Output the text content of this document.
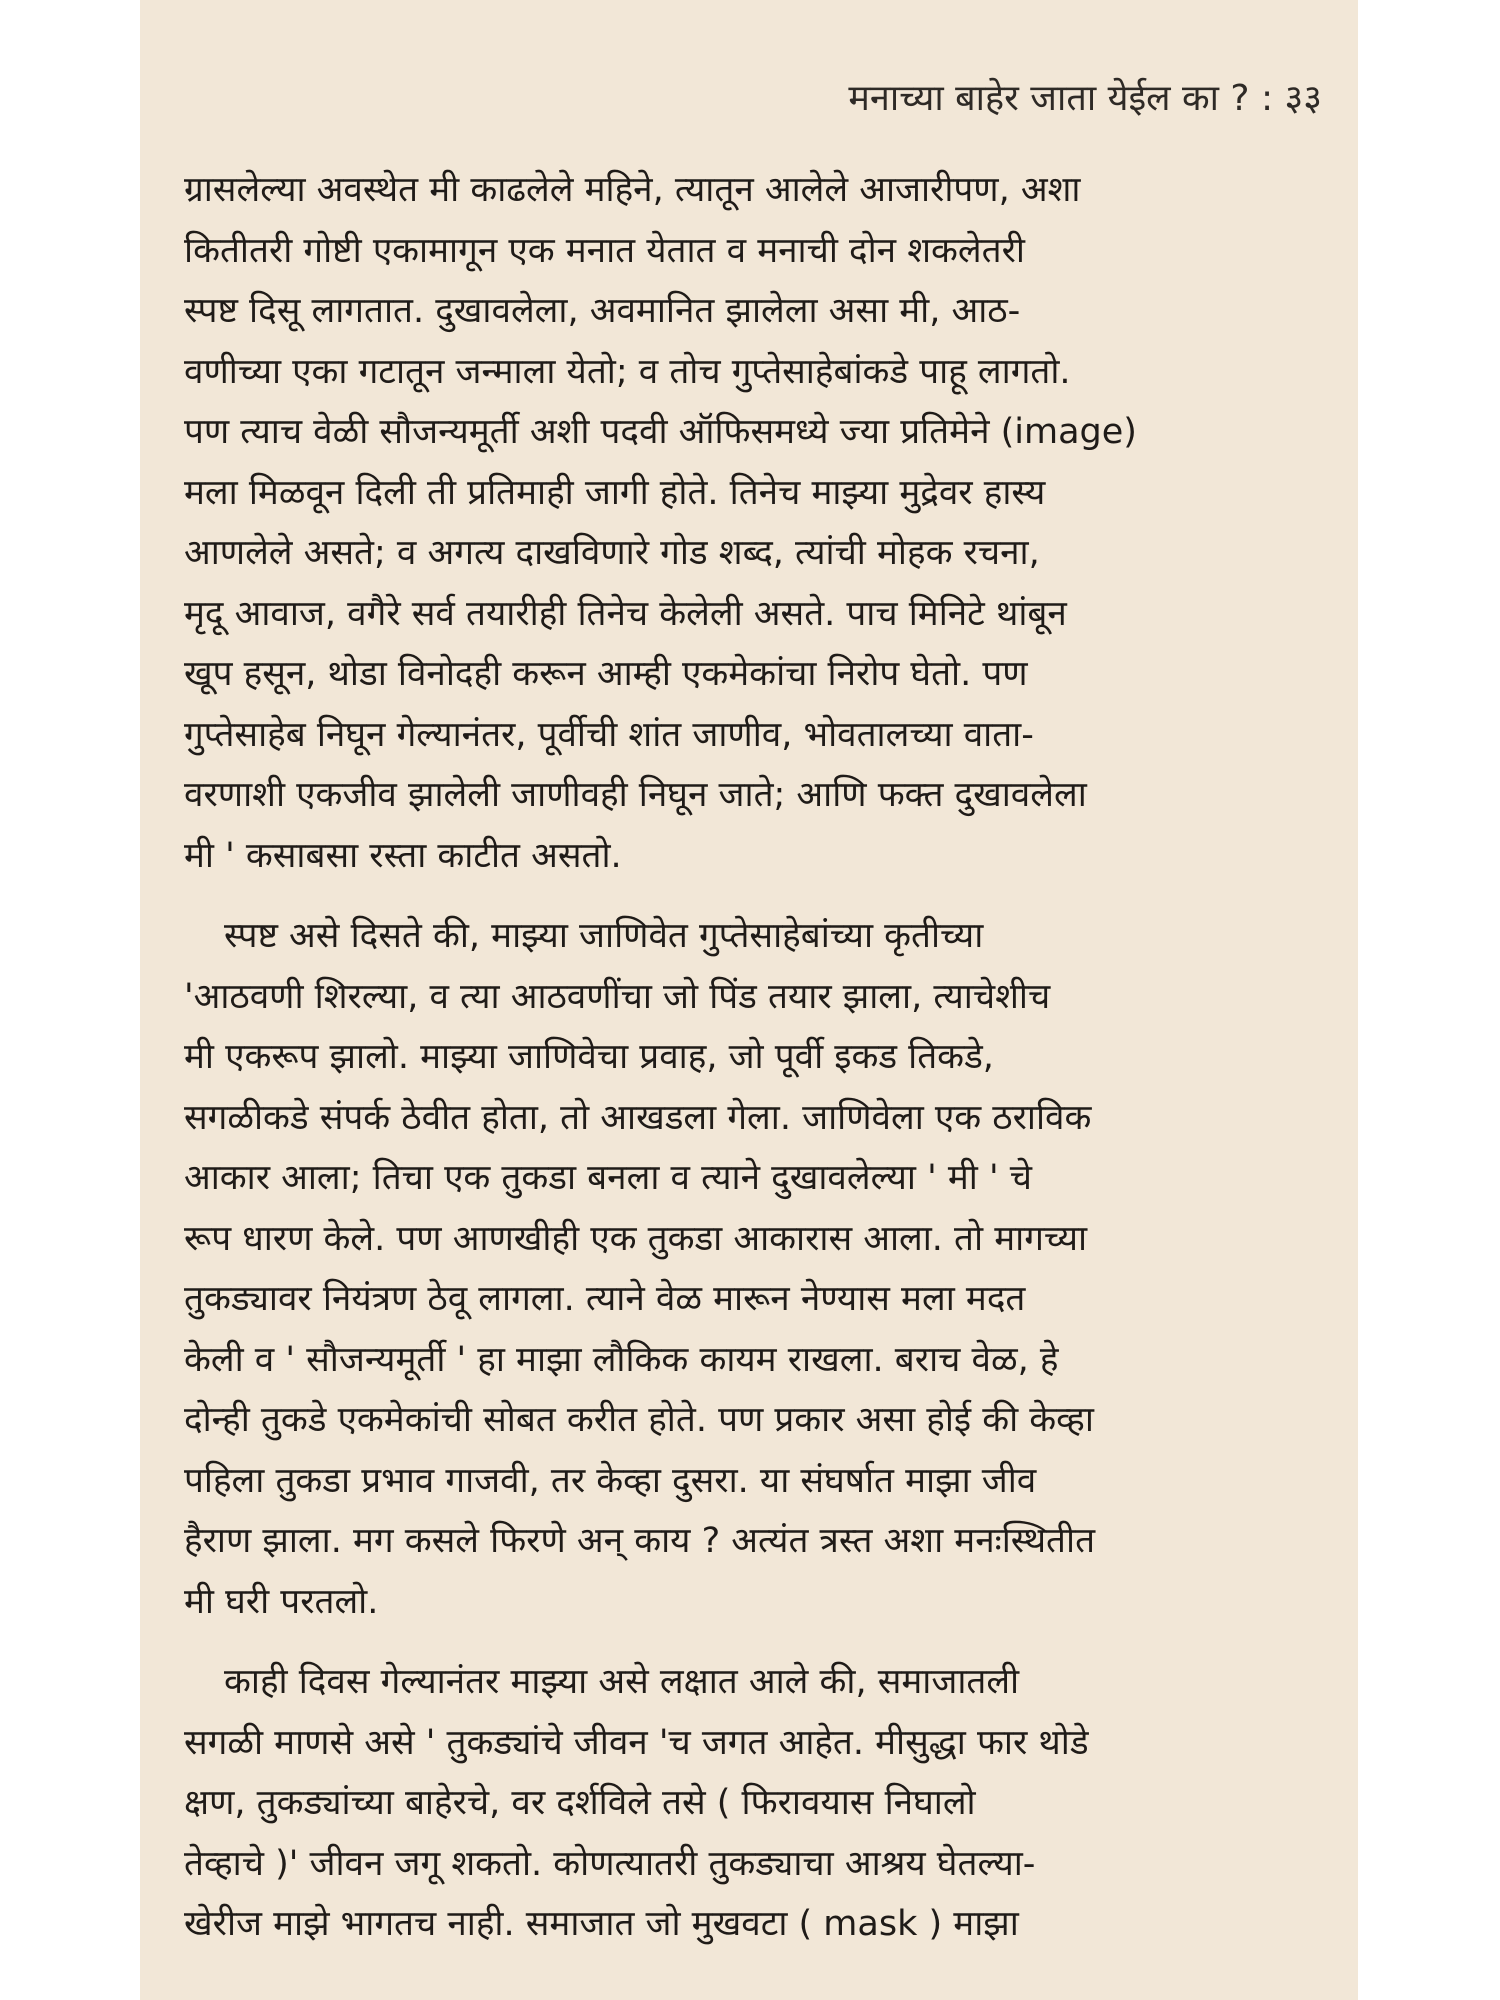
मनाच्या बाहेर जाता येईल का ? : ३३

ग्रासलेल्या अवस्थेत मी काढलेले महिने, त्यातून आलेले आजारीपण, अशा

कितीतरी गोष्टी एकामागून एक मनात येतात व मनाची दोन शकलेतरी

स्पष्ट दिसू लागतात. दुखावलेला, अवमानित झालेला असा मी, आठ-

वणीच्या एका गटातून जन्माला येतो; व तोच गुप्तेसाहेबांकडे पाहू लागतो.

पण त्याच वेळी सौजन्यमूर्ती अशी पदवी ऑफिसमध्ये ज्या प्रतिमेने (image)

मला मिळवून दिली ती प्रतिमाही जागी होते. तिनेच माझ्या मुद्रेवर हास्य

आणलेले असते; व अगत्य दाखविणारे गोड शब्द, त्यांची मोहक रचना,

मृदू आवाज, वगैरे सर्व तयारीही तिनेच केलेली असते. पाच मिनिटे थांबून

खूप हसून, थोडा विनोदही करून आम्ही एकमेकांचा निरोप घेतो. पण

गुप्तेसाहेब निघून गेल्यानंतर, पूर्वीची शांत जाणीव, भोवतालच्या वाता-

वरणाशी एकजीव झालेली जाणीवही निघून जाते; आणि फक्त दुखावलेला

मी ' कसाबसा रस्ता काटीत असतो.

स्पष्ट असे दिसते की, माझ्या जाणिवेत गुप्तेसाहेबांच्या कृतीच्या

'आठवणी शिरल्या, व त्या आठवणींचा जो पिंड तयार झाला, त्याचेशीच

मी एकरूप झालो. माझ्या जाणिवेचा प्रवाह, जो पूर्वी इकड तिकडे,

सगळीकडे संपर्क ठेवीत होता, तो आखडला गेला. जाणिवेला एक ठराविक

आकार आला; तिचा एक तुकडा बनला व त्याने दुखावलेल्या ' मी ' चे

रूप धारण केले. पण आणखीही एक तुकडा आकारास आला. तो मागच्या

तुकड्यावर नियंत्रण ठेवू लागला. त्याने वेळ मारून नेण्यास मला मदत

केली व ' सौजन्यमूर्ती ' हा माझा लौकिक कायम राखला. बराच वेळ, हे

दोन्ही तुकडे एकमेकांची सोबत करीत होते. पण प्रकार असा होई की केव्हा

पहिला तुकडा प्रभाव गाजवी, तर केव्हा दुसरा. या संघर्षात माझा जीव

हैराण झाला. मग कसले फिरणे अन् काय ? अत्यंत त्रस्त अशा मनःस्थितीत

मी घरी परतलो.

काही दिवस गेल्यानंतर माझ्या असे लक्षात आले की, समाजातली

सगळी माणसे असे ' तुकड्यांचे जीवन 'च जगत आहेत. मीसुद्धा फार थोडे

क्षण, तुकड्यांच्या बाहेरचे, वर दर्शविले तसे ( फिरावयास निघालो

तेव्हाचे )' जीवन जगू शकतो. कोणत्यातरी तुकड्याचा आश्रय घेतल्या-

खेरीज माझे भागतच नाही. समाजात जो मुखवटा ( mask ) माझा
